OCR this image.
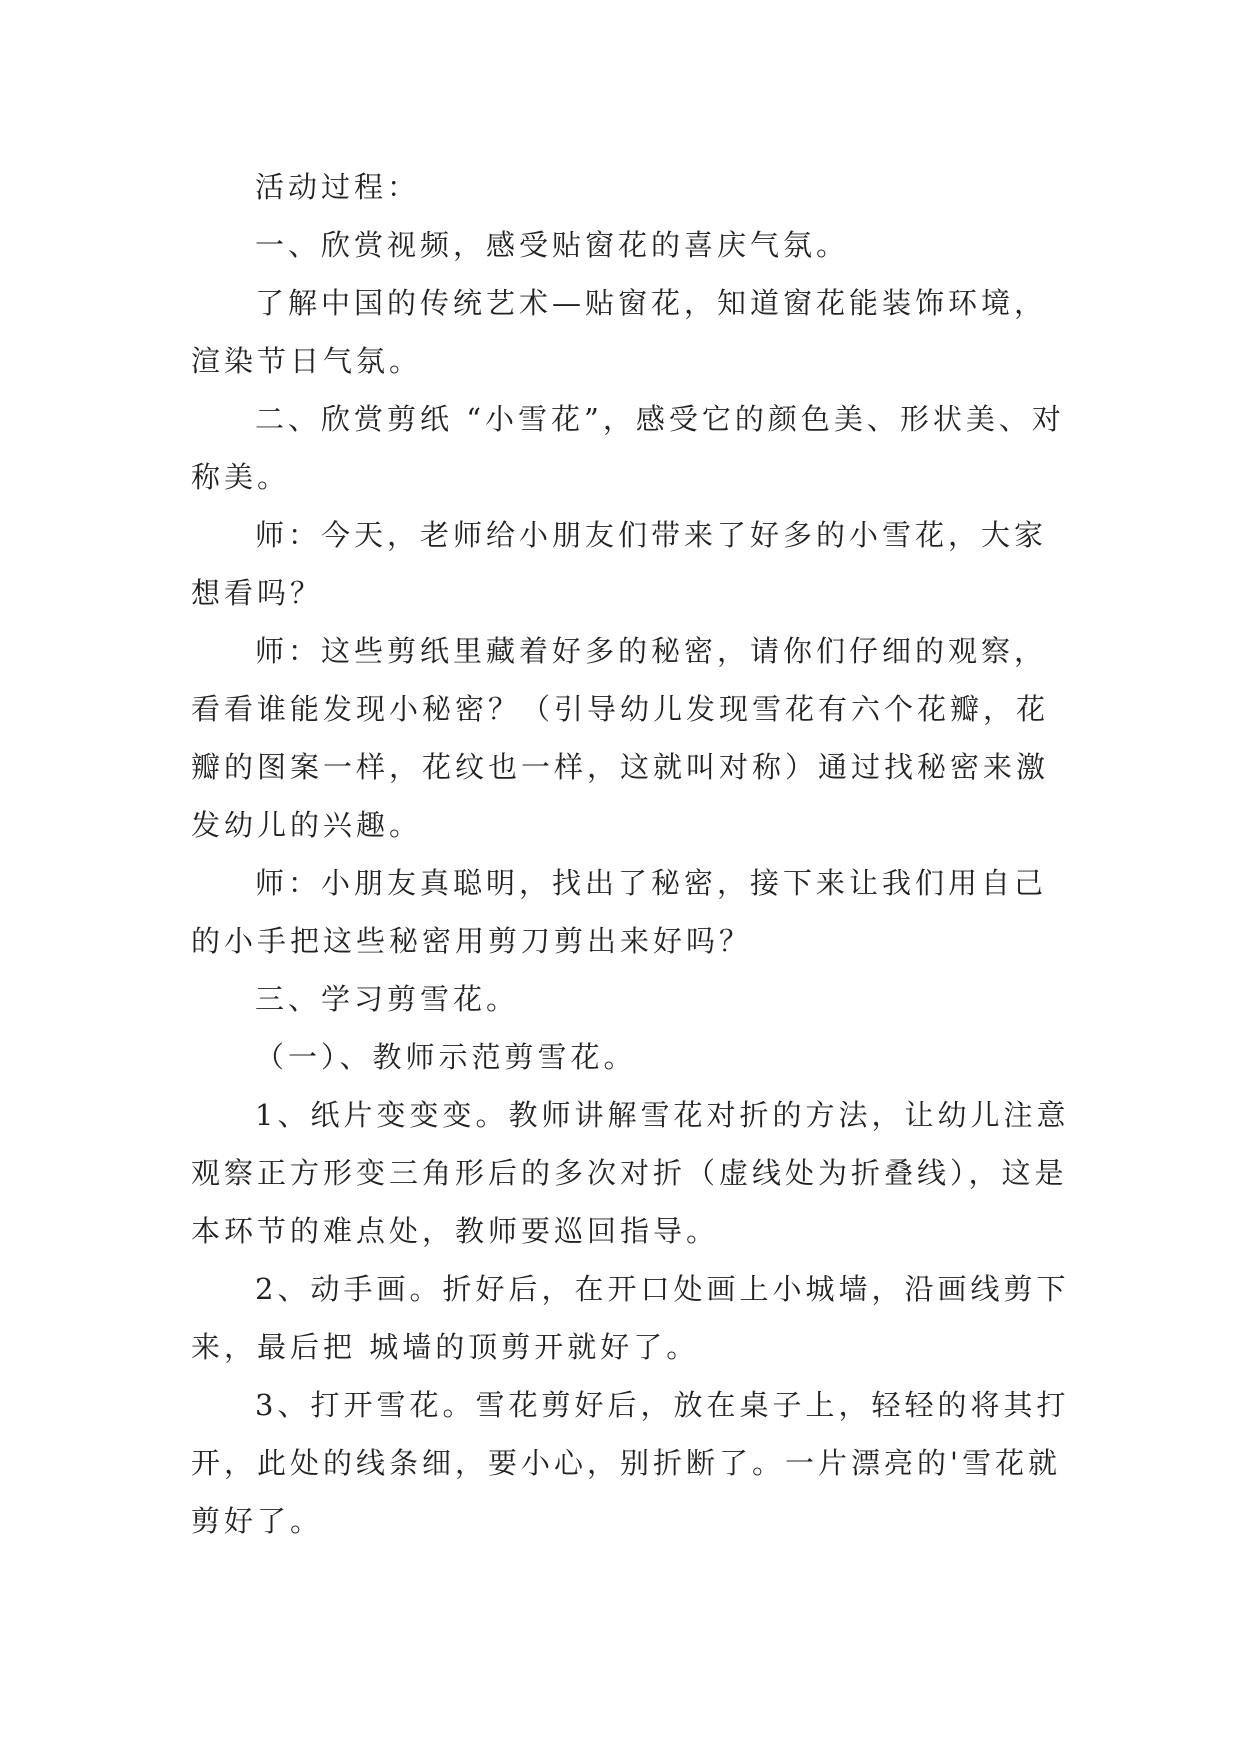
活动过程：

一、欣赏视频，感受贴窗花的喜庆气氛。

了解中国的传统艺术—贴窗花，知道窗花能装饰环境，渲染节日气氛。

二、欣赏剪纸 “小雪花”，感受它的颜色美、形状美、对称美。

师：今天，老师给小朋友们带来了好多的小雪花，大家想看吗？

师：这些剪纸里藏着好多的秘密，请你们仔细的观察，看看谁能发现小秘密？（引导幼儿发现雪花有六个花瓣，花瓣的图案一样，花纹也一样，这就叫对称）通过找秘密来激发幼儿的兴趣。

师：小朋友真聪明，找出了秘密，接下来让我们用自己的小手把这些秘密用剪刀剪出来好吗？

三、学习剪雪花。

（一）、教师示范剪雪花。

1、纸片变变变。教师讲解雪花对折的方法，让幼儿注意观察正方形变三角形后的多次对折（虚线处为折叠线），这是本环节的难点处，教师要巡回指导。

2、动手画。折好后，在开口处画上小城墙，沿画线剪下来，最后把 城墙的顶剪开就好了。

3、打开雪花。雪花剪好后，放在桌子上，轻轻的将其打开，此处的线条细，要小心，别折断了。一片漂亮的'雪花就剪好了。
